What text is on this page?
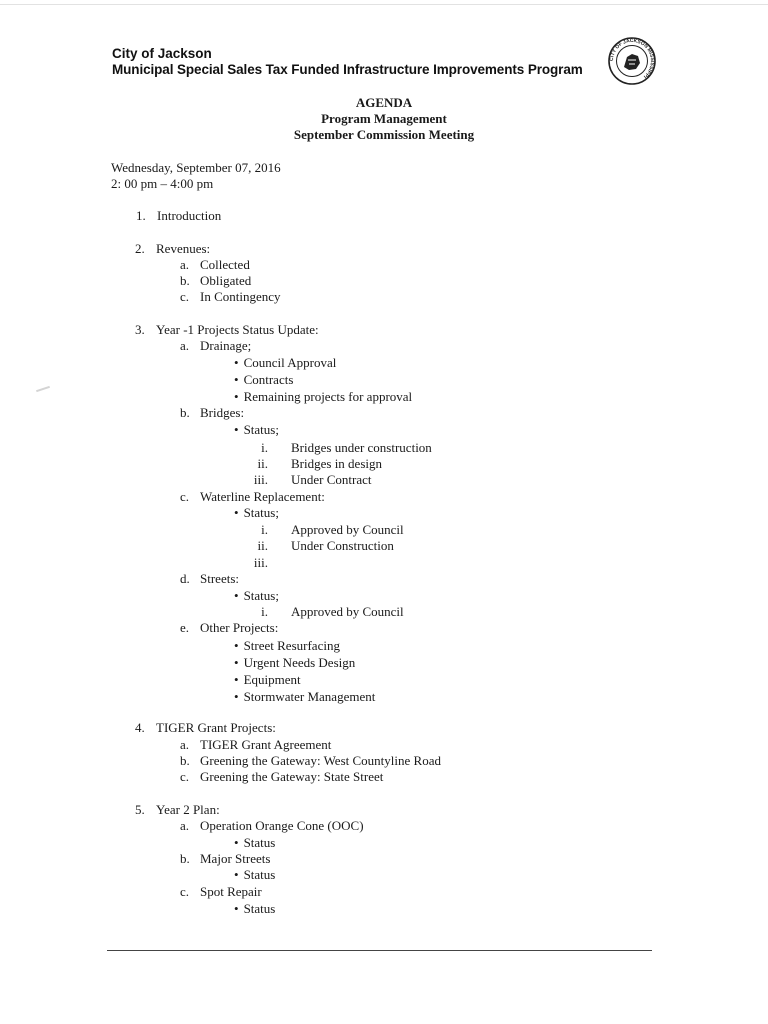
City of Jackson
Municipal Special Sales Tax Funded Infrastructure Improvements Program
CITY OF JACKSON MISSISSIPPI
AGENDA
Program Management
September Commission Meeting
Wednesday, September 07, 2016
2: 00 pm – 4:00 pm
1. Introduction
2. Revenues:
a. Collected
b. Obligated
c. In Contingency
3. Year -1 Projects Status Update:
a. Drainage;
• Council Approval
• Contracts
• Remaining projects for approval
b. Bridges:
• Status;
i. Bridges under construction
ii. Bridges in design
iii. Under Contract
c. Waterline Replacement:
• Status;
i. Approved by Council
ii. Under Construction
iii.
d. Streets:
• Status;
i. Approved by Council
e. Other Projects:
• Street Resurfacing
• Urgent Needs Design
• Equipment
• Stormwater Management
4. TIGER Grant Projects:
a. TIGER Grant Agreement
b. Greening the Gateway: West Countyline Road
c. Greening the Gateway: State Street
5. Year 2 Plan:
a. Operation Orange Cone (OOC)
• Status
b. Major Streets
• Status
c. Spot Repair
• Status
